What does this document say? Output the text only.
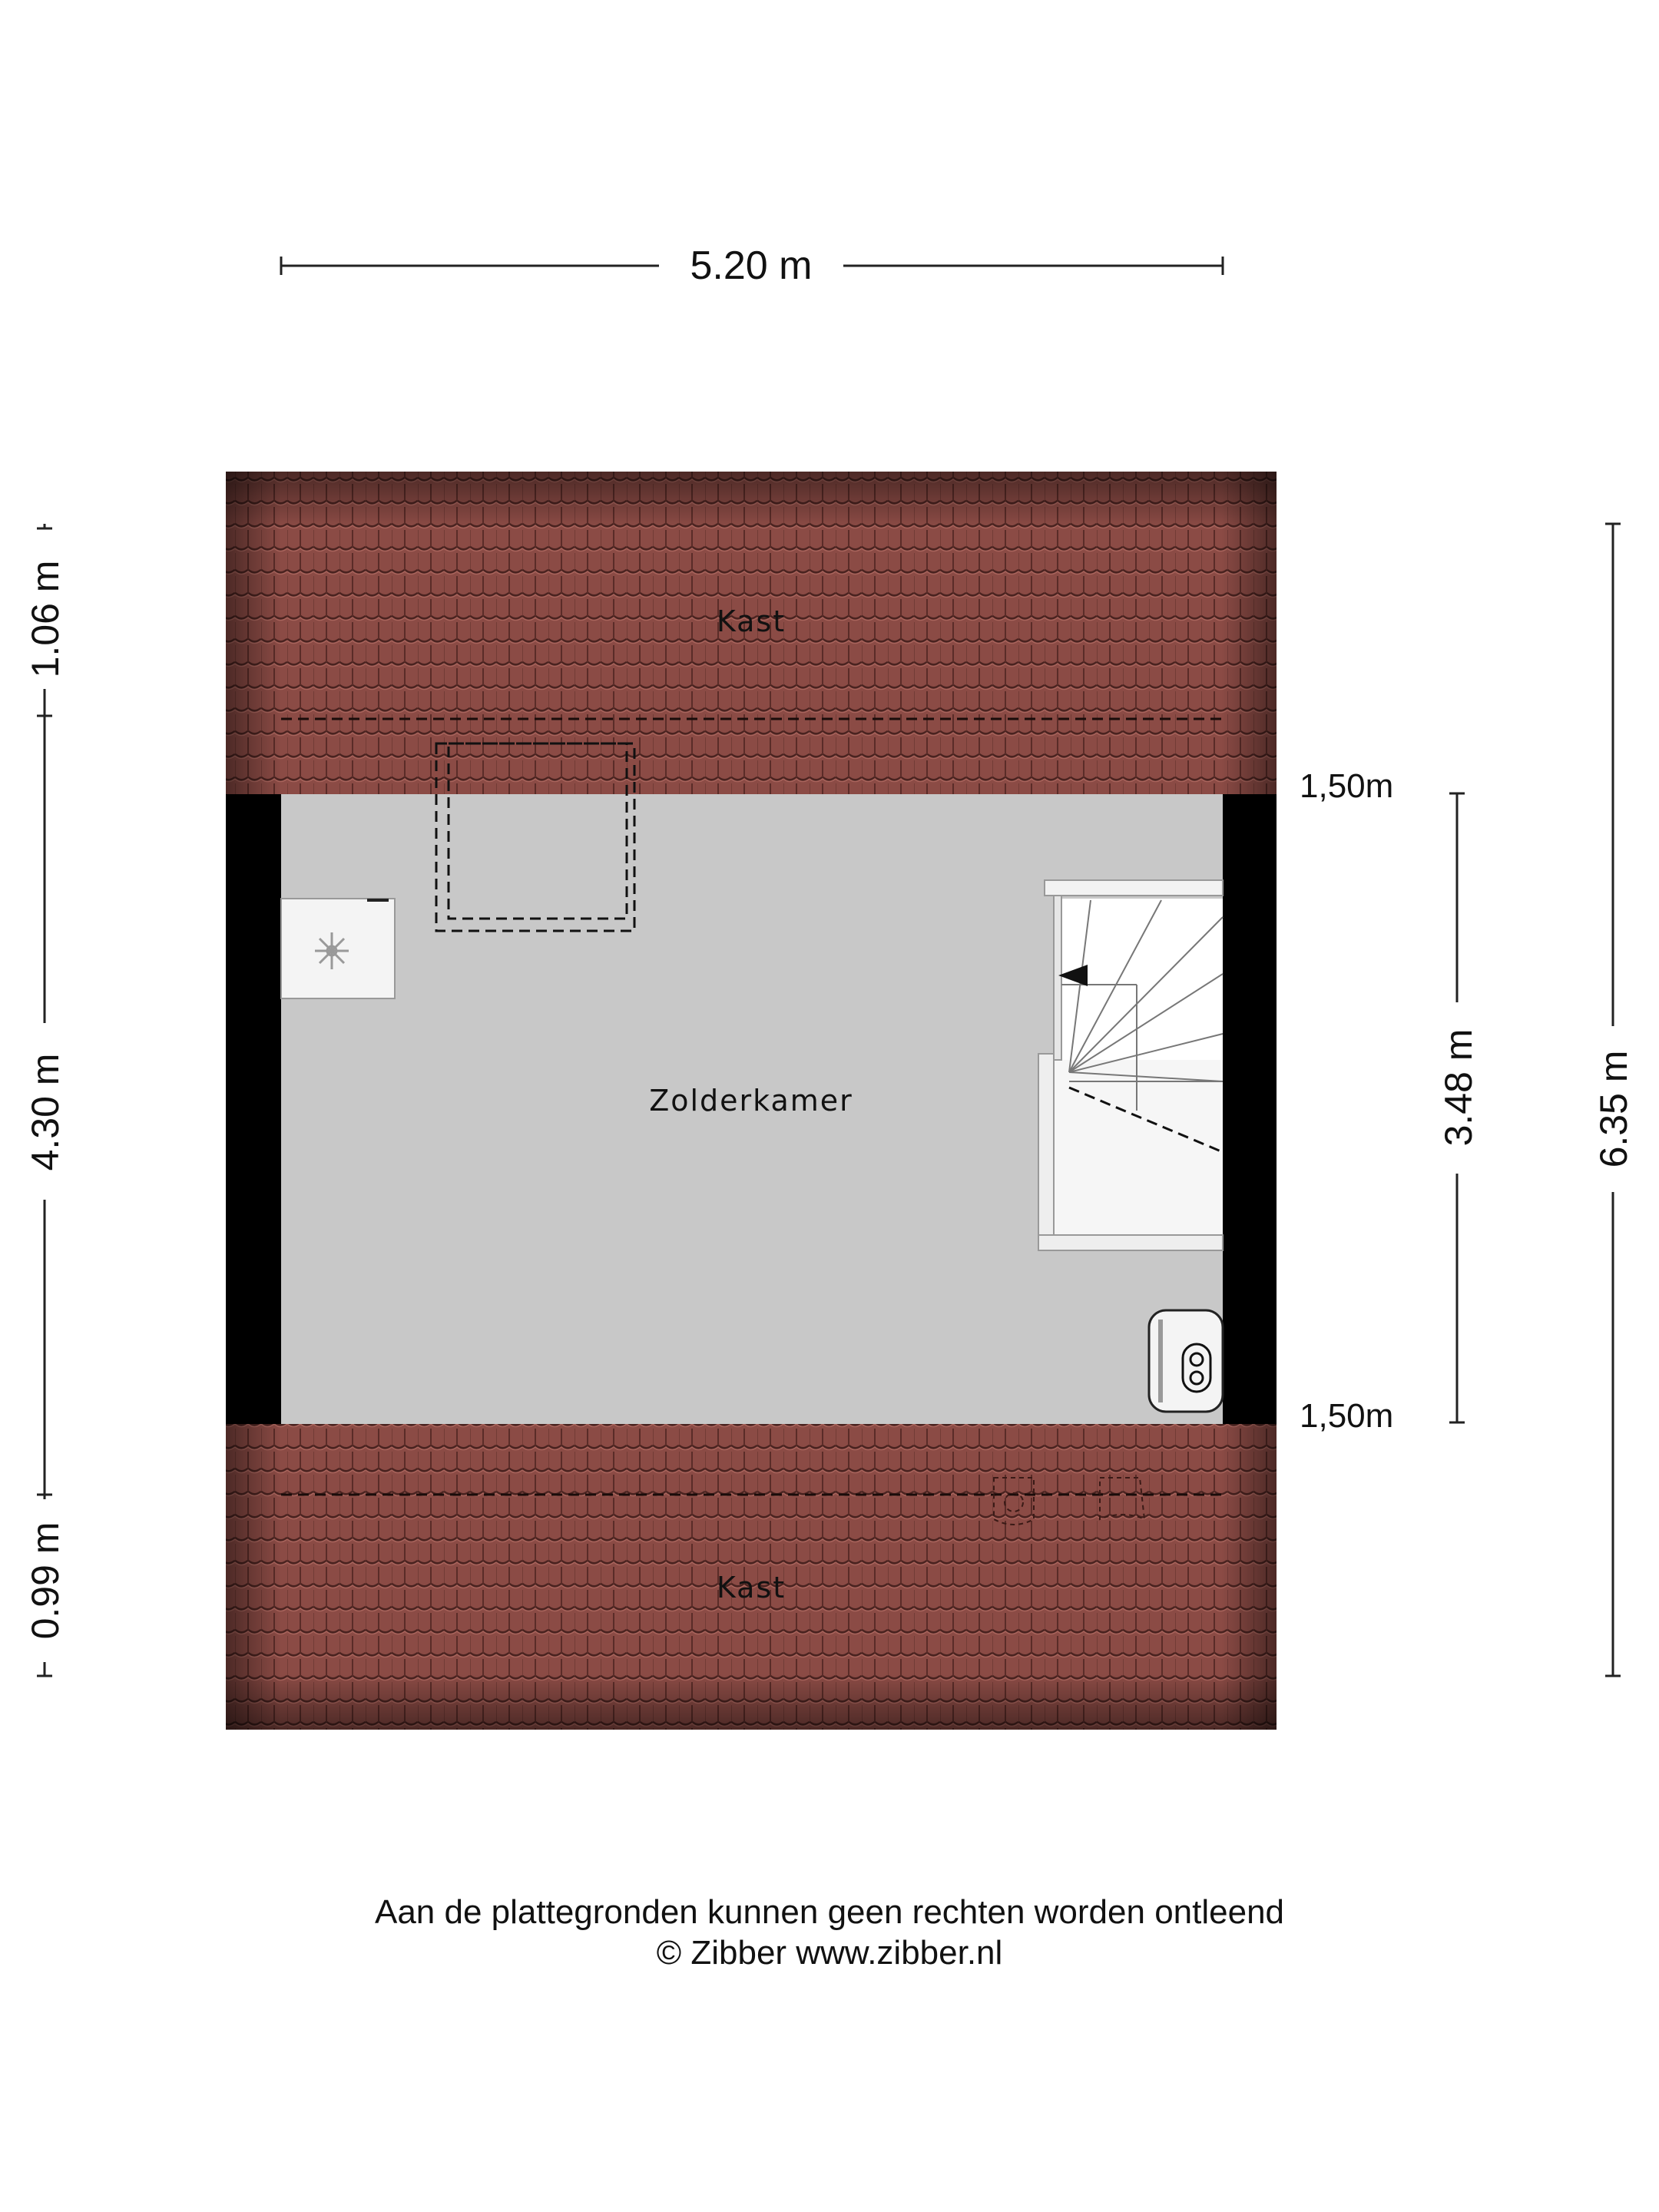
5.20 m
1.06 m
4.30 m
0.99 m
3.48 m	6.35 m
1,50m
1,50m
Kast
Zolderkamer
Kast
Aan de plattegronden kunnen geen rechten worden ontleend
© Zibber www.zibber.nl
